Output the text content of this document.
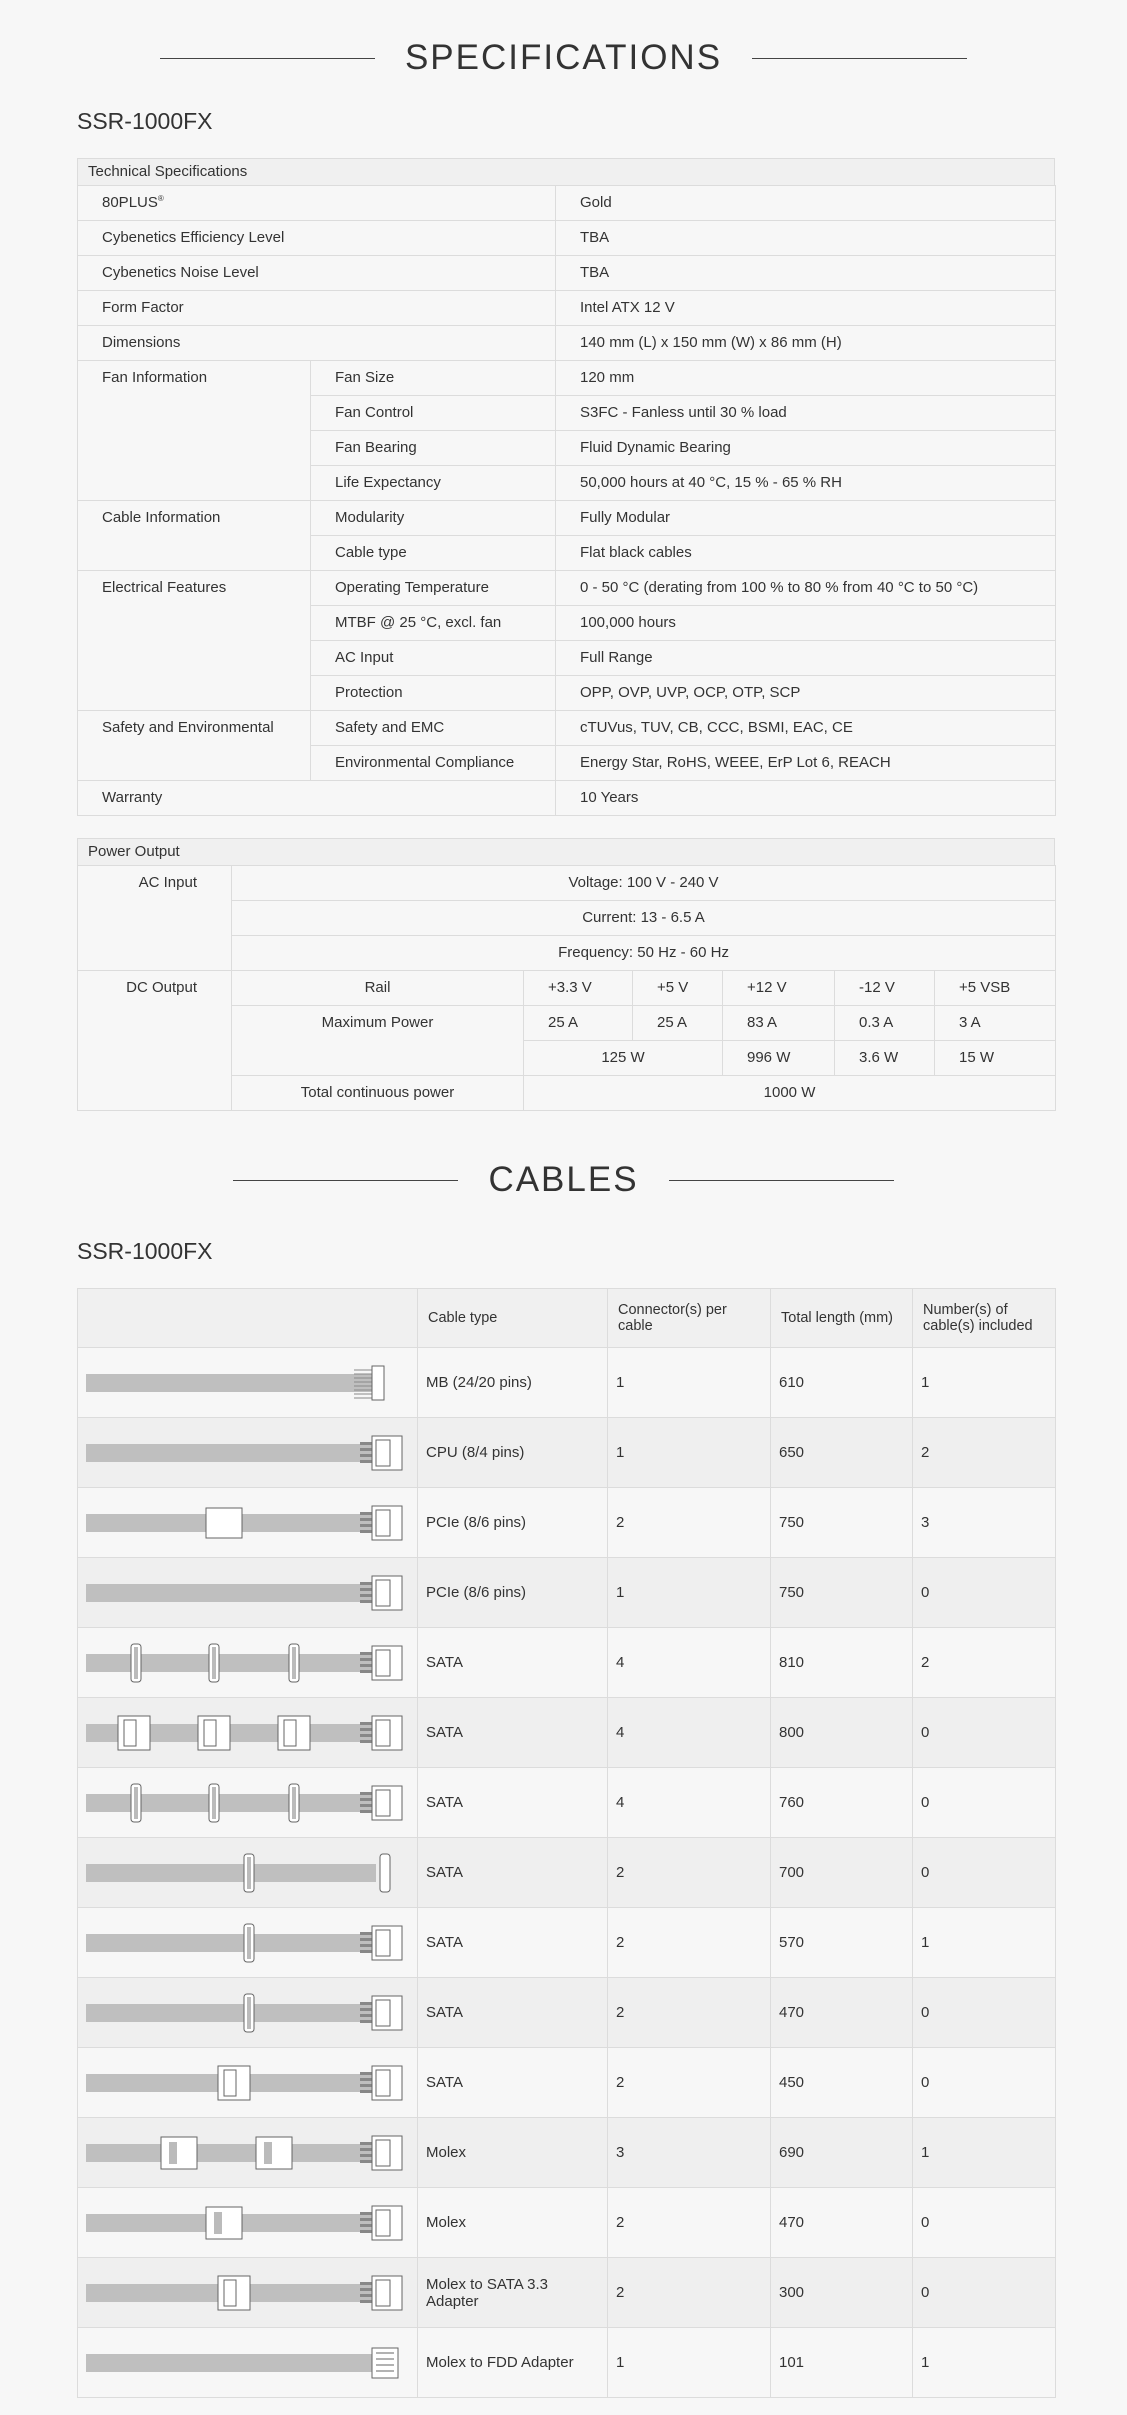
SPECIFICATIONS
SSR-1000FX
Technical Specifications
80PLUS®		Gold
Cybenetics Efficiency Level		TBA
Cybenetics Noise Level		TBA
Form Factor		Intel ATX 12 V
Dimensions		140 mm (L) x 150 mm (W) x 86 mm (H)
Fan Information	Fan Size	120 mm
	Fan Control	S3FC - Fanless until 30 % load
	Fan Bearing	Fluid Dynamic Bearing
	Life Expectancy	50,000 hours at 40 °C, 15 % - 65 % RH
Cable Information	Modularity	Fully Modular
	Cable type	Flat black cables
Electrical Features	Operating Temperature	0 - 50 °C (derating from 100 % to 80 % from 40 °C to 50 °C)
	MTBF @ 25 °C, excl. fan	100,000 hours
	AC Input	Full Range
	Protection	OPP, OVP, UVP, OCP, OTP, SCP
Safety and Environmental	Safety and EMC	cTUVus, TUV, CB, CCC, BSMI, EAC, CE
	Environmental Compliance	Energy Star, RoHS, WEEE, ErP Lot 6, REACH
Warranty		10 Years
Power Output
AC Input	Voltage: 100 V - 240 V					
	Current: 13 - 6.5 A					
	Frequency: 50 Hz - 60 Hz					
DC Output	Rail	+3.3 V	+5 V	+12 V	-12 V	+5 VSB
	Maximum Power	25 A	25 A	83 A	0.3 A	3 A
		125 W		996 W	3.6 W	15 W
	Total continuous power	1000 W				
CABLES
SSR-1000FX
	Cable type	Connector(s) per cable	Total length (mm)	Number(s) of cable(s) included

	MB (24/20 pins)	1	610	1

	CPU (8/4 pins)	1	650	2

	PCIe (8/6 pins)	2	750	3

	PCIe (8/6 pins)	1	750	0

	SATA	4	810	2

	SATA	4	800	0

	SATA	4	760	0

	SATA	2	700	0

	SATA	2	570	1

	SATA	2	470	0

	SATA	2	450	0

	Molex	3	690	1

	Molex	2	470	0

	Molex to SATA 3.3 Adapter	2	300	0

	Molex to FDD Adapter	1	101	1
